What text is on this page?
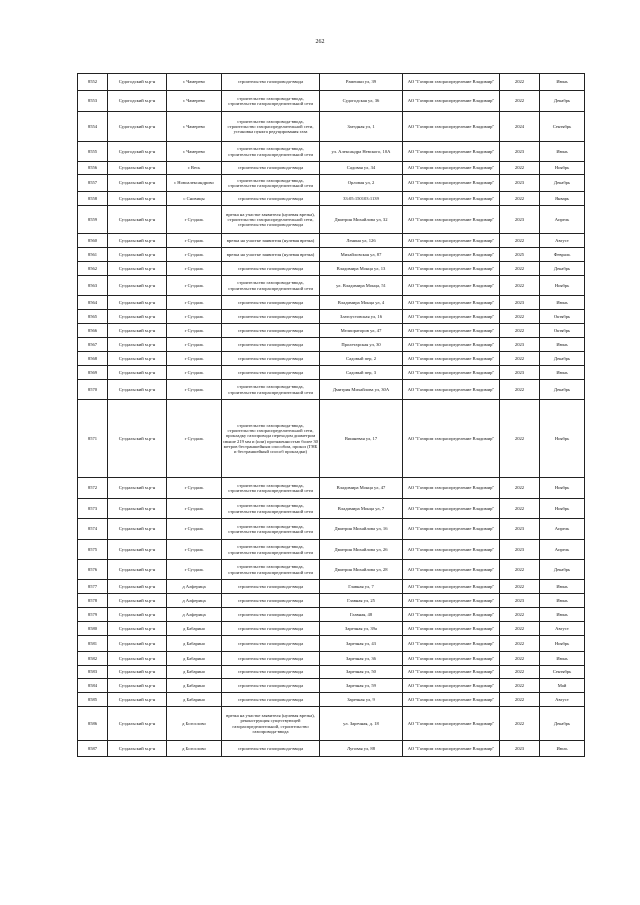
262
8552	Судогодский м.р-н	с Чамерево	строительство газопровода-ввода	Рамешки ул, 39	АО "Газпром газораспределение Владимир"	2022	Июнь
8553	Судогодский м.р-н	с Чамерево	строительство газопровода-ввода, строительство газораспределительной сети	Судогодская ул, 36	АО "Газпром газораспределение Владимир"	2022	Декабрь
8554	Судогодский м.р-н	с Чамерево	строительство газопровода-ввода, строительство газораспределительной сети, установка пункта редуцирования газа	Заездная ул, 1	АО "Газпром газораспределение Владимир"	2024	Сентябрь
8555	Судогодский м.р-н	с Чамерево	строительство газопровода-ввода, строительство газораспределительной сети	ул. Александра Невского, 10А	АО "Газпром газораспределение Владимир"	2023	Июнь
8556	Суздальский м.р-н	с Весь	строительство газопровода-ввода	Садовая ул, 34	АО "Газпром газораспределение Владимир"	2022	Ноябрь
8557	Суздальский м.р-н	с Новоалександрово	строительство газопровода-ввода, строительство газораспределительной сети	Орловая ул, 2	АО "Газпром газораспределение Владимир"	2023	Декабрь
8558	Суздальский м.р-н	с Сновицы	строительство газопровода-ввода	33:05:150103:1139	АО "Газпром газораспределение Владимир"	2022	Январь
8559	Суздальский м.р-н	г Суздаль	врезка на участке заявителя (нулевая врезка), строительство газораспределительной сети, строительство газопровода-ввода	Дмитрия Михайлова ул, 32	АО "Газпром газораспределение Владимир"	2023	Апрель
8560	Суздальский м.р-н	г Суздаль	врезка на участке заявителя (нулевая врезка)	Ленина ул, 126	АО "Газпром газораспределение Владимир"	2022	Август
8561	Суздальский м.р-н	г Суздаль	врезка на участке заявителя (нулевая врезка)	Михайловская ул, 87	АО "Газпром газораспределение Владимир"	2025	Февраль
8562	Суздальский м.р-н	г Суздаль	строительство газопровода-ввода	Владимира Монца ул, 13	АО "Газпром газораспределение Владимир"	2022	Декабрь
8563	Суздальский м.р-н	г Суздаль	строительство газопровода-ввода, строительство газораспределительной сети	ул. Владимира Монца, 51	АО "Газпром газораспределение Владимир"	2022	Ноябрь
8564	Суздальский м.р-н	г Суздаль	строительство газопровода-ввода	Владимира Монца ул, 4	АО "Газпром газораспределение Владимир"	2023	Июнь
8565	Суздальский м.р-н	г Суздаль	строительство газопровода-ввода	Златоустовская ул, 16	АО "Газпром газораспределение Владимир"	2022	Октябрь
8566	Суздальский м.р-н	г Суздаль	строительство газопровода-ввода	Мелиораторов ул, 47	АО "Газпром газораспределение Владимир"	2022	Октябрь
8567	Суздальский м.р-н	г Суздаль	строительство газопровода-ввода	Пролетарская ул, 30	АО "Газпром газораспределение Владимир"	2023	Июнь
8568	Суздальский м.р-н	г Суздаль	строительство газопровода-ввода	Садовый пер, 2	АО "Газпром газораспределение Владимир"	2022	Декабрь
8569	Суздальский м.р-н	г Суздаль	строительство газопровода-ввода	Садовый пер, 3	АО "Газпром газораспределение Владимир"	2023	Июнь
8570	Суздальский м.р-н	г Суздаль	строительство газопровода-ввода, строительство газораспределительной сети	Дмитрия Михайлова ул, 30А	АО "Газпром газораспределение Владимир"	2022	Декабрь
8571	Суздальский м.р-н	г Суздаль	строительство газопровода-ввода, строительство газораспределительной сети, прокладку газопровода переходом диаметром свыше 219 мм и (или) протяженностью более 30 метров бестраншейным способом, прокол (ГНБ и бестраншейный способ прокладки)	Вишневая ул, 17	АО "Газпром газораспределение Владимир"	2022	Ноябрь
8572	Суздальский м.р-н	г Суздаль	строительство газопровода-ввода, строительство газораспределительной сети	Владимира Монца ул, 47	АО "Газпром газораспределение Владимир"	2022	Ноябрь
8573	Суздальский м.р-н	г Суздаль	строительство газопровода-ввода, строительство газораспределительной сети	Владимира Монца ул, 7	АО "Газпром газораспределение Владимир"	2022	Ноябрь
8574	Суздальский м.р-н	г Суздаль	строительство газопровода-ввода, строительство газораспределительной сети	Дмитрия Михайлова ул, 16	АО "Газпром газораспределение Владимир"	2023	Апрель
8575	Суздальский м.р-н	г Суздаль	строительство газопровода-ввода, строительство газораспределительной сети	Дмитрия Михайлова ул, 26	АО "Газпром газораспределение Владимир"	2023	Апрель
8576	Суздальский м.р-н	г Суздаль	строительство газопровода-ввода, строительство газораспределительной сети	Дмитрия Михайлова ул, 28	АО "Газпром газораспределение Владимир"	2022	Декабрь
8577	Суздальский м.р-н	д Алферица	строительство газопровода-ввода	Главная ул, 7	АО "Газпром газораспределение Владимир"	2022	Июнь
8578	Суздальский м.р-н	д Алферица	строительство газопровода-ввода	Главная ул, 25	АО "Газпром газораспределение Владимир"	2023	Июнь
8579	Суздальский м.р-н	д Алферица	строительство газопровода-ввода	Главная, 48	АО "Газпром газораспределение Владимир"	2022	Июнь
8580	Суздальский м.р-н	д Бабарино	строительство газопровода-ввода	Заречная ул, 39а	АО "Газпром газораспределение Владимир"	2022	Август
8581	Суздальский м.р-н	д Бабарино	строительство газопровода-ввода	Заречная ул, 43	АО "Газпром газораспределение Владимир"	2022	Ноябрь
8582	Суздальский м.р-н	д Бабарино	строительство газопровода-ввода	Заречная ул, 36	АО "Газпром газораспределение Владимир"	2022	Июнь
8583	Суздальский м.р-н	д Бабарино	строительство газопровода-ввода	Заречная ул, 50	АО "Газпром газораспределение Владимир"	2022	Сентябрь
8584	Суздальский м.р-н	д Бабарино	строительство газопровода-ввода	Заречная ул, 59	АО "Газпром газораспределение Владимир"	2022	Май
8585	Суздальский м.р-н	д Бабарино	строительство газопровода-ввода	Заречная ул, 9	АО "Газпром газораспределение Владимир"	2022	Август
8586	Суздальский м.р-н	д Богослово	врезка на участке заявителя (нулевая врезка), реконструкция существующей газораспределительной, строительство газопровода-ввода	ул. Заречная, д. 18	АО "Газпром газораспределение Владимир"	2022	Декабрь
8587	Суздальский м.р-н	д Богослово	строительство газопровода-ввода	Луговая ул, 88	АО "Газпром газораспределение Владимир"	2023	Июль
